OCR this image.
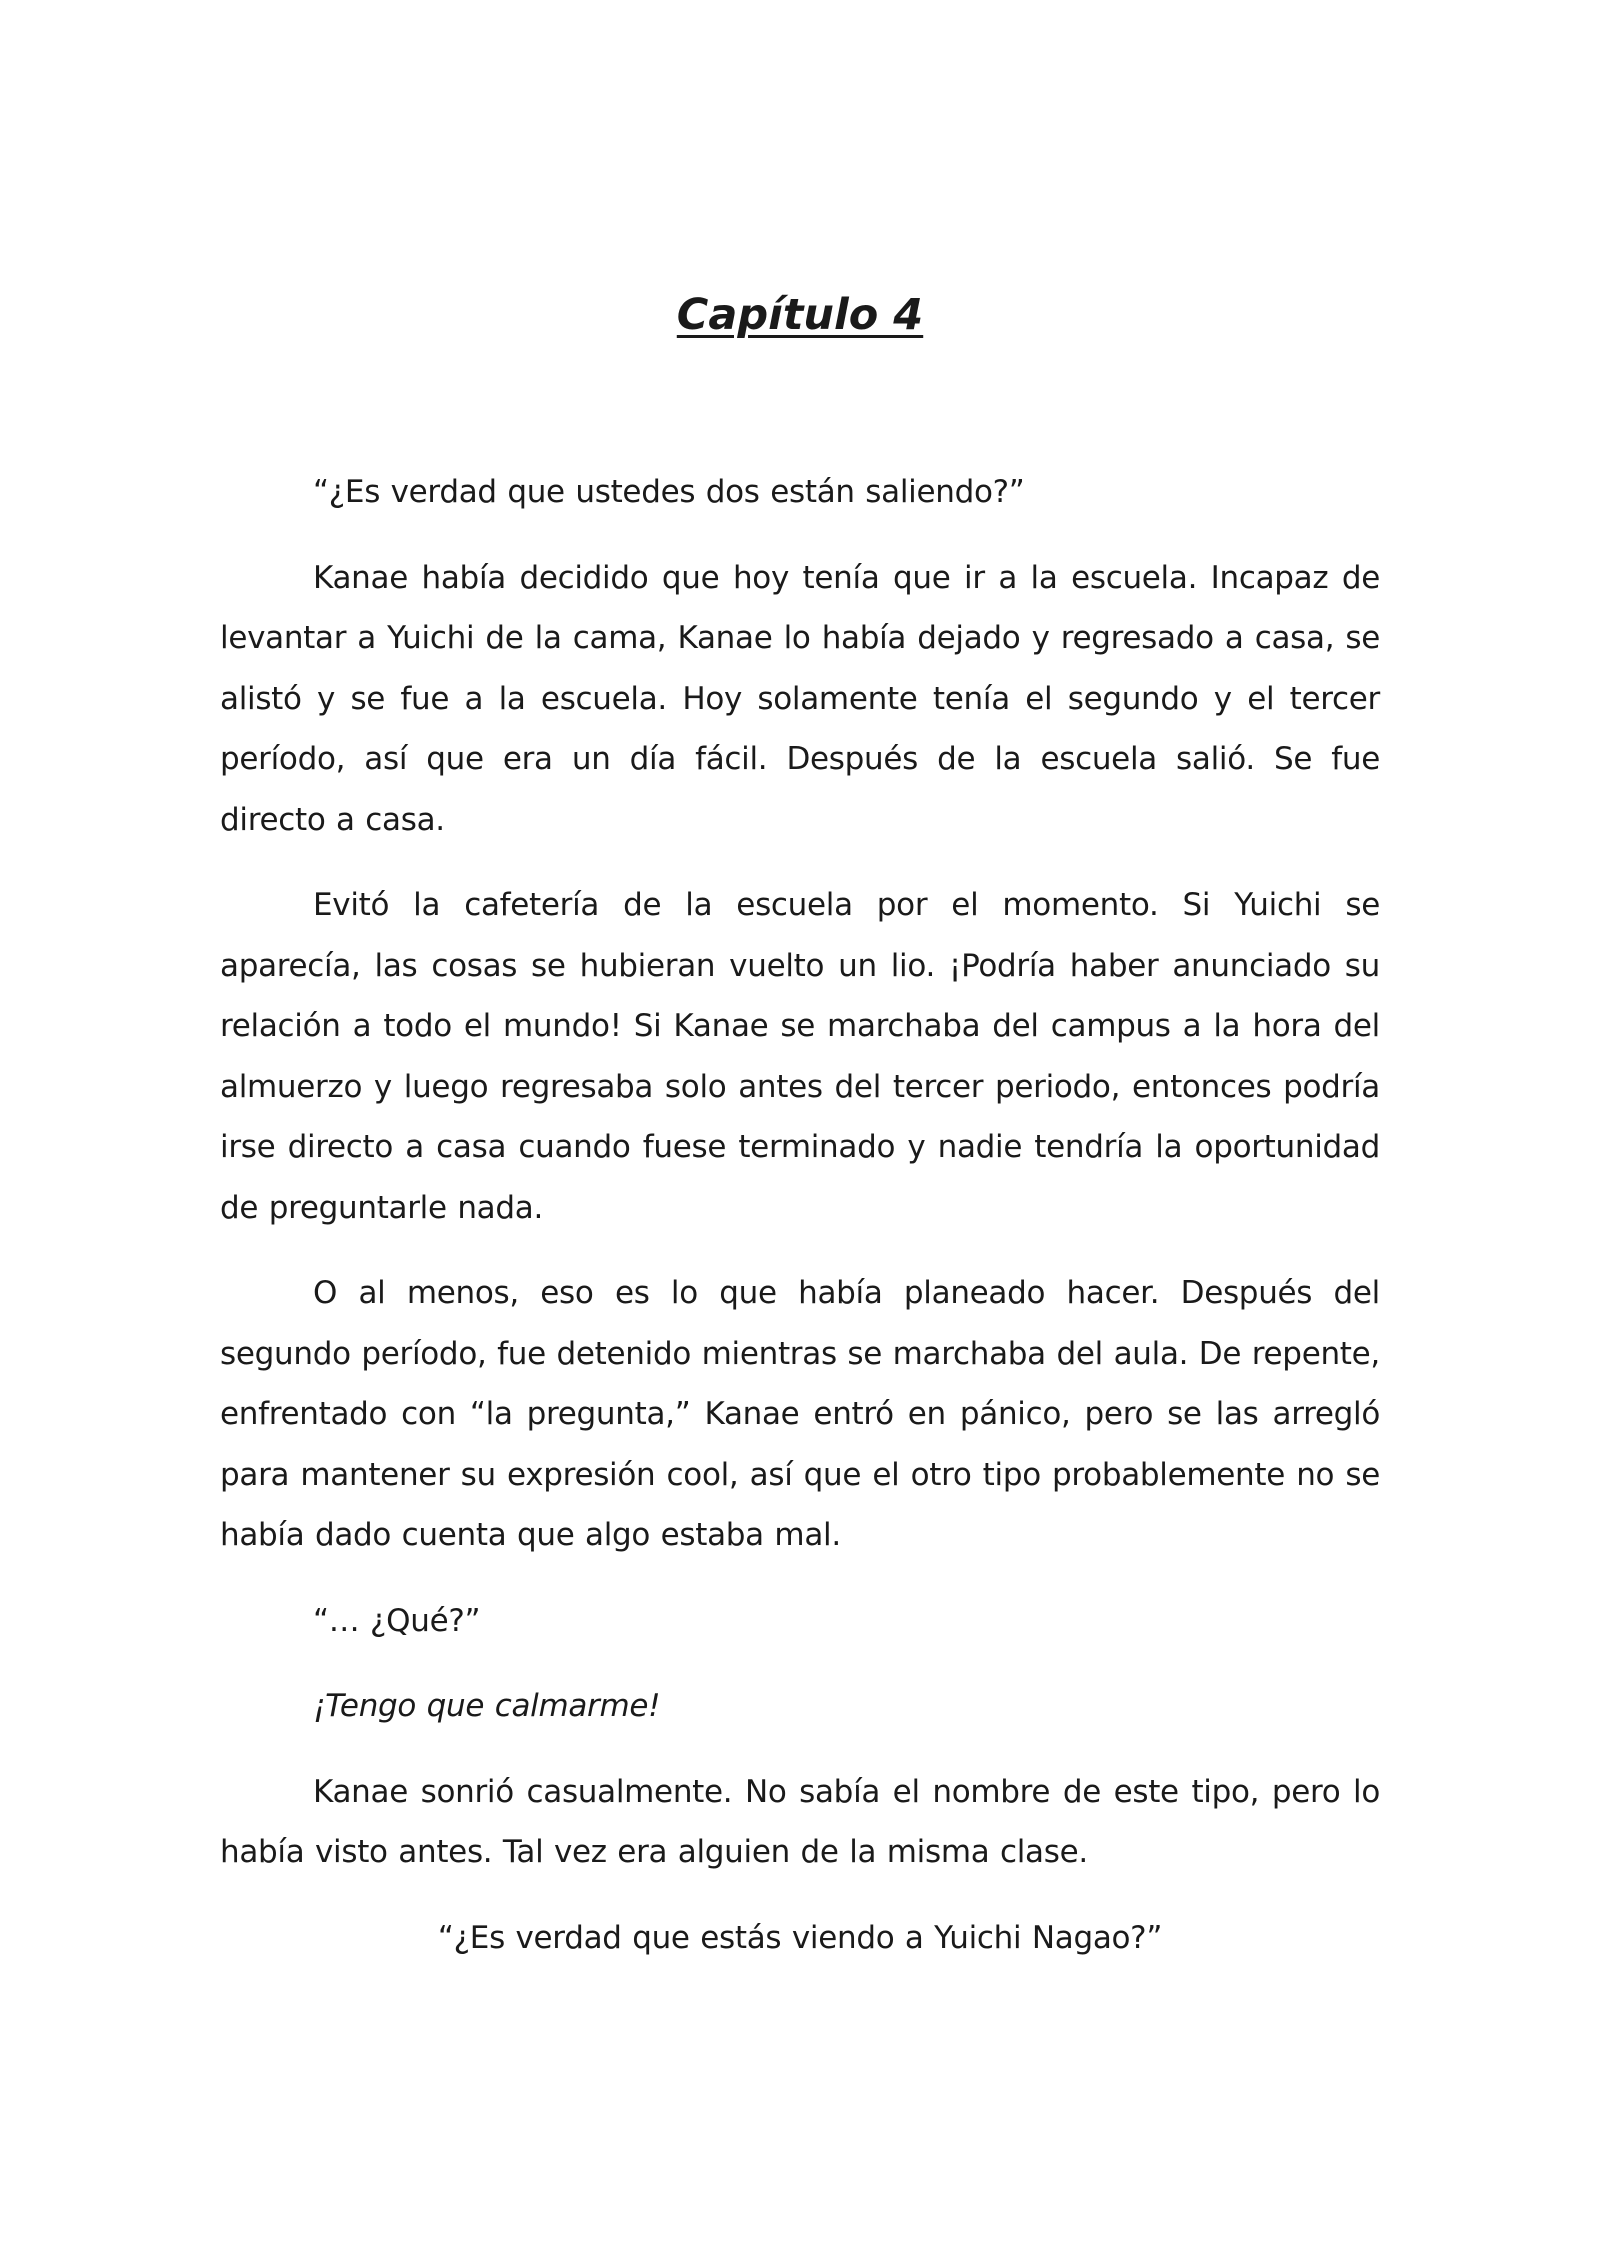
Capítulo 4

“¿Es verdad que ustedes dos están saliendo?”

Kanae había decidido que hoy tenía que ir a la escuela. Incapaz de levantar a Yuichi de la cama, Kanae lo había dejado y regresado a casa, se alistó y se fue a la escuela. Hoy solamente tenía el segundo y el tercer período, así que era un día fácil. Después de la escuela salió. Se fue directo a casa.

Evitó la cafetería de la escuela por el momento. Si Yuichi se aparecía, las cosas se hubieran vuelto un lio. ¡Podría haber anunciado su relación a todo el mundo! Si Kanae se marchaba del campus a la hora del almuerzo y luego regresaba solo antes del tercer periodo, entonces podría irse directo a casa cuando fuese terminado y nadie tendría la oportunidad de preguntarle nada.

O al menos, eso es lo que había planeado hacer. Después del segundo período, fue detenido mientras se marchaba del aula. De repente, enfrentado con “la pregunta,” Kanae entró en pánico, pero se las arregló para mantener su expresión cool, así que el otro tipo probablemente no se había dado cuenta que algo estaba mal.

“… ¿Qué?”

¡Tengo que calmarme!

Kanae sonrió casualmente. No sabía el nombre de este tipo, pero lo había visto antes. Tal vez era alguien de la misma clase.

“¿Es verdad que estás viendo a Yuichi Nagao?”
